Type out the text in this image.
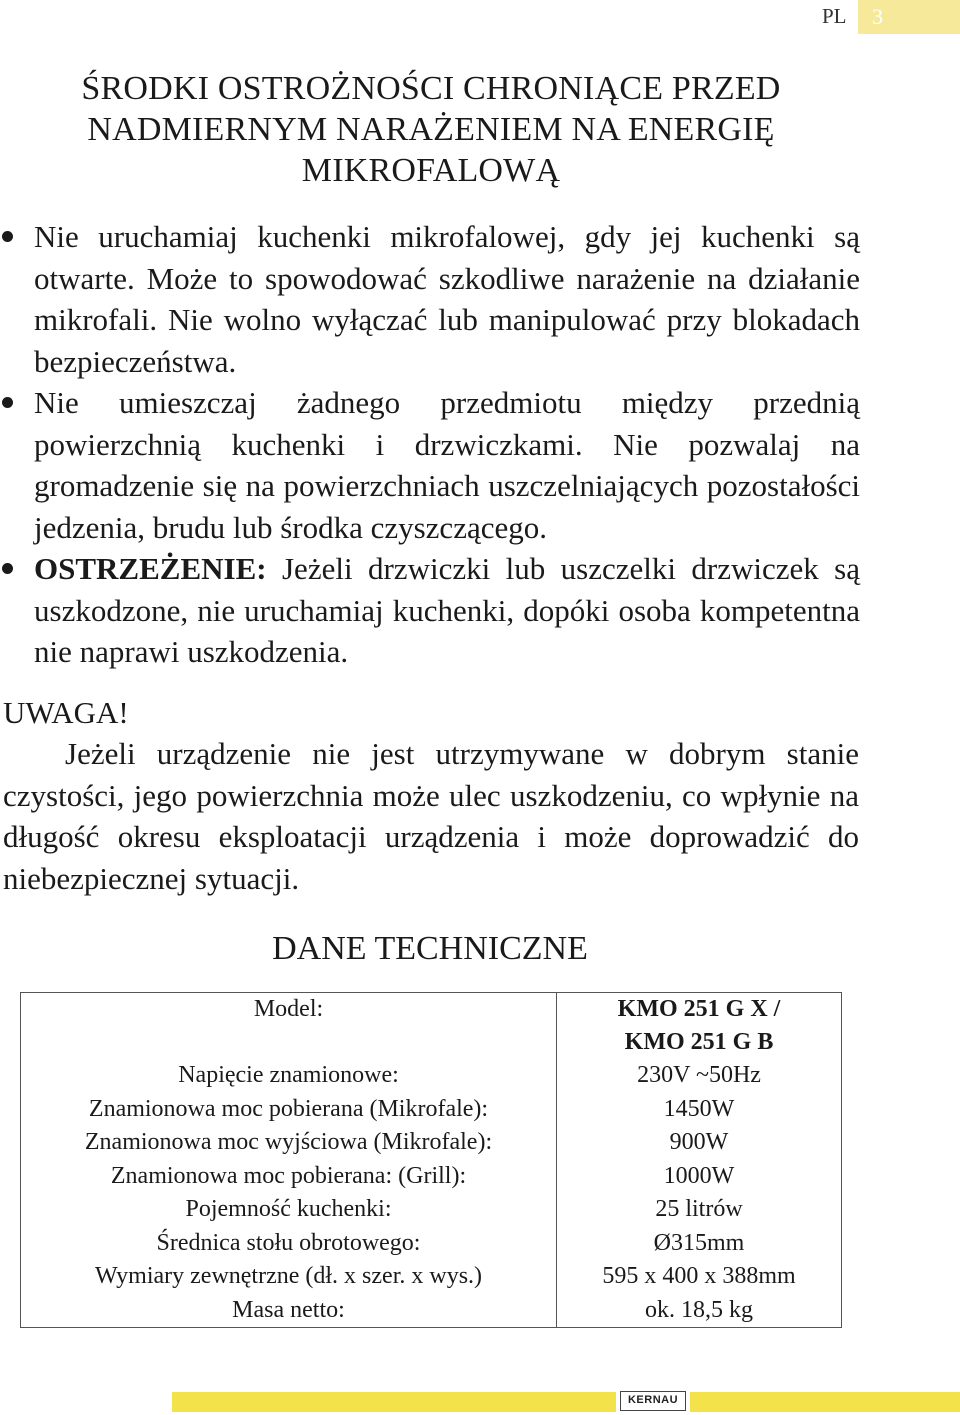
PL	3
ŚRODKI OSTROŻNOŚCI CHRONIĄCE PRZED
NADMIERNYM NARAŻENIEM NA ENERGIĘ
MIKROFALOWĄ
Nie uruchamiaj kuchenki mikrofalowej, gdy jej kuchenki są otwarte. Może to spowodować szkodliwe narażenie na działanie mikrofali. Nie wolno wyłączać lub manipulować przy blokadach bezpieczeństwa.
Nie umieszczaj żadnego przedmiotu między przednią powierzchnią kuchenki i drzwiczkami. Nie pozwalaj na gromadzenie się na powierzchniach uszczelniających pozostałości jedzenia, brudu lub środka czyszczącego.
OSTRZEŻENIE: Jeżeli drzwiczki lub uszczelki drzwiczek są uszkodzone, nie uruchamiaj kuchenki, dopóki osoba kompetentna nie naprawi uszkodzenia.
UWAGA!

Jeżeli urządzenie nie jest utrzymywane w dobrym stanie czystości, jego powierzchnia może ulec uszkodzeniu, co wpłynie na długość okresu eksploatacji urządzenia i może doprowadzić do niebezpiecznej sytuacji.

DANE TECHNICZNE
Model:	KMO 251 G X /
KMO 251 G B

Napięcie znamionowe:	230V ~50Hz
Znamionowa moc pobierana (Mikrofale):	1450W
Znamionowa moc wyjściowa (Mikrofale):	900W
Znamionowa moc pobierana: (Grill):	1000W
Pojemność kuchenki:	25 litrów
Średnica stołu obrotowego:	Ø315mm
Wymiary zewnętrzne (dł. x szer. x wys.)	595 x 400 x 388mm
Masa netto:	ok. 18,5 kg
KERNAU
